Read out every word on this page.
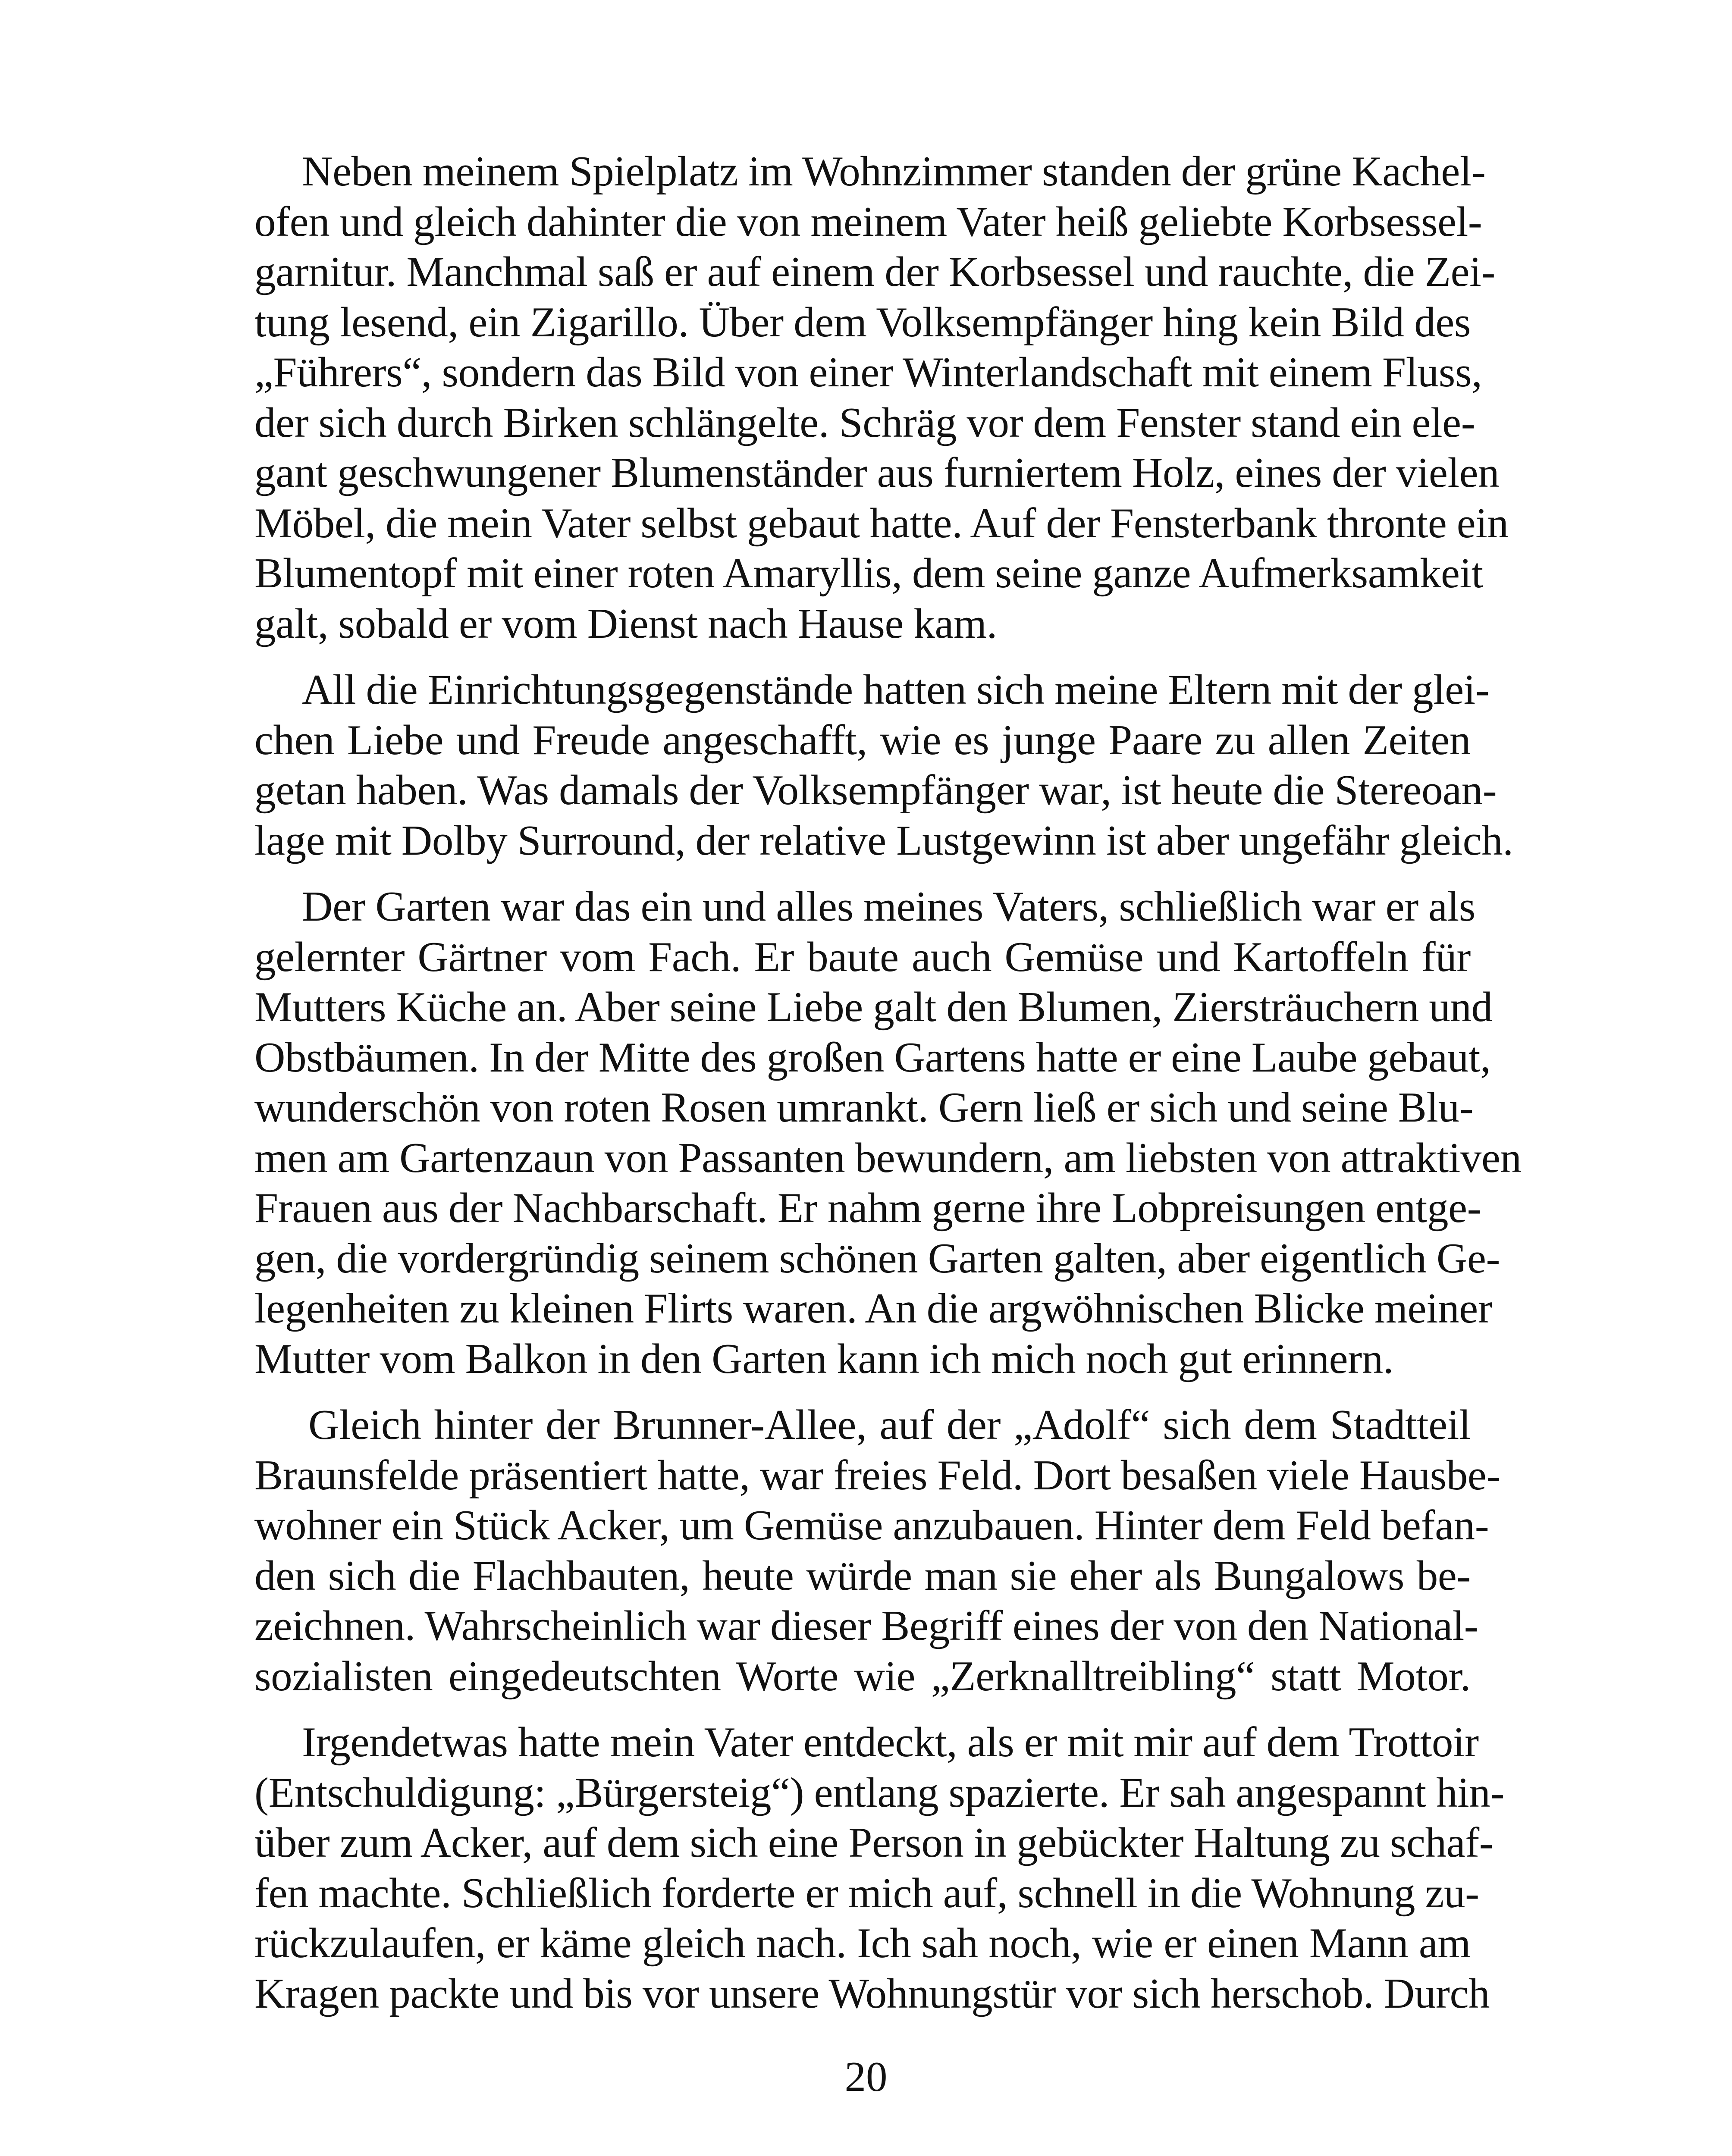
Neben meinem Spielplatz im Wohnzimmer standen der grüne Kachel-
ofen und gleich dahinter die von meinem Vater heiß geliebte Korbsessel-
garnitur. Manchmal saß er auf einem der Korbsessel und rauchte, die Zei-
tung lesend, ein Zigarillo. Über dem Volksempfänger hing kein Bild des
„Führers“, sondern das Bild von einer Winterlandschaft mit einem Fluss,
der sich durch Birken schlängelte. Schräg vor dem Fenster stand ein ele-
gant geschwungener Blumenständer aus furniertem Holz, eines der vielen
Möbel, die mein Vater selbst gebaut hatte. Auf der Fensterbank thronte ein
Blumentopf mit einer roten Amaryllis, dem seine ganze Aufmerksamkeit
galt, sobald er vom Dienst nach Hause kam.
All die Einrichtungsgegenstände hatten sich meine Eltern mit der glei-
chen Liebe und Freude angeschafft, wie es junge Paare zu allen Zeiten
getan haben. Was damals der Volksempfänger war, ist heute die Stereoan-
lage mit Dolby Surround, der relative Lustgewinn ist aber ungefähr gleich.
Der Garten war das ein und alles meines Vaters, schließlich war er als
gelernter Gärtner vom Fach. Er baute auch Gemüse und Kartoffeln für
Mutters Küche an. Aber seine Liebe galt den Blumen, Ziersträuchern und
Obstbäumen. In der Mitte des großen Gartens hatte er eine Laube gebaut,
wunderschön von roten Rosen umrankt. Gern ließ er sich und seine Blu-
men am Gartenzaun von Passanten bewundern, am liebsten von attraktiven
Frauen aus der Nachbarschaft. Er nahm gerne ihre Lobpreisungen entge-
gen, die vordergründig seinem schönen Garten galten, aber eigentlich Ge-
legenheiten zu kleinen Flirts waren. An die argwöhnischen Blicke meiner
Mutter vom Balkon in den Garten kann ich mich noch gut erinnern.
Gleich hinter der Brunner-Allee, auf der „Adolf“ sich dem Stadtteil
Braunsfelde präsentiert hatte, war freies Feld. Dort besaßen viele Hausbe-
wohner ein Stück Acker, um Gemüse anzubauen. Hinter dem Feld befan-
den sich die Flachbauten, heute würde man sie eher als Bungalows be-
zeichnen. Wahrscheinlich war dieser Begriff eines der von den National-
sozialisten eingedeutschten Worte wie „Zerknalltreibling“ statt Motor.
Irgendetwas hatte mein Vater entdeckt, als er mit mir auf dem Trottoir
(Entschuldigung: „Bürgersteig“) entlang spazierte. Er sah angespannt hin-
über zum Acker, auf dem sich eine Person in gebückter Haltung zu schaf-
fen machte. Schließlich forderte er mich auf, schnell in die Wohnung zu-
rückzulaufen, er käme gleich nach. Ich sah noch, wie er einen Mann am
Kragen packte und bis vor unsere Wohnungstür vor sich herschob. Durch
20
